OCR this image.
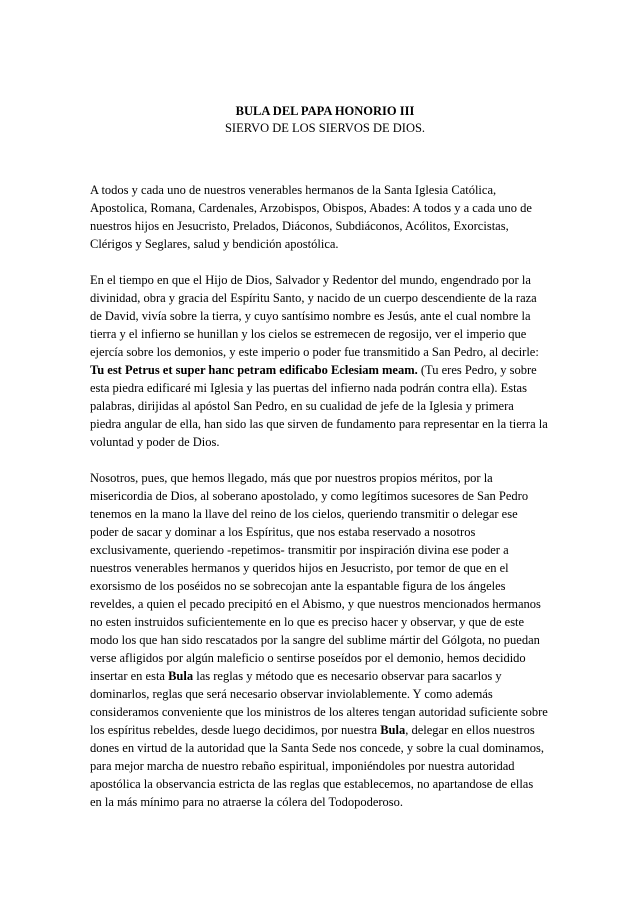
BULA DEL PAPA HONORIO III
SIERVO DE LOS SIERVOS DE DIOS.

A todos y cada uno de nuestros venerables hermanos de la Santa Iglesia Católica, Apostolica, Romana, Cardenales, Arzobispos, Obispos, Abades: A todos y a cada uno de nuestros hijos en Jesucristo, Prelados, Diáconos, Subdiáconos, Acólitos, Exorcistas, Clérigos y Seglares, salud y bendición apostólica.

En el tiempo en que el Hijo de Dios, Salvador y Redentor del mundo, engendrado por la divinidad, obra y gracia del Espíritu Santo, y nacido de un cuerpo descendiente de la raza de David, vivía sobre la tierra, y cuyo santísimo nombre es Jesús, ante el cual nombre la tierra y el infierno se hunillan y los cielos se estremecen de regosijo, ver el imperio que ejercía sobre los demonios, y este imperio o poder fue transmitido a San Pedro, al decirle: Tu est Petrus et super hanc petram edificabo Eclesiam meam. (Tu eres Pedro, y sobre esta piedra edificaré mi Iglesia y las puertas del infierno nada podrán contra ella). Estas palabras, dirijidas al apóstol San Pedro, en su cualidad de jefe de la Iglesia y primera piedra angular de ella, han sido las que sirven de fundamento para representar en la tierra la voluntad y poder de Dios.

Nosotros, pues, que hemos llegado, más que por nuestros propios méritos, por la misericordia de Dios, al soberano apostolado, y como legítimos sucesores de San Pedro tenemos en la mano la llave del reino de los cielos, queriendo transmitir o delegar ese poder de sacar y dominar a los Espíritus, que nos estaba reservado a nosotros exclusivamente, queriendo -repetimos- transmitir por inspiración divina ese poder a nuestros venerables hermanos y queridos hijos en Jesucristo, por temor de que en el exorsismo de los poséidos no se sobrecojan ante la espantable figura de los ángeles reveldes, a quien el pecado precipitó en el Abismo, y que nuestros mencionados hermanos no esten instruidos suficientemente en lo que es preciso hacer y observar, y que de este modo los que han sido rescatados por la sangre del sublime mártir del Gólgota, no puedan verse afligidos por algún maleficio o sentirse poseídos por el demonio, hemos decidido insertar en esta Bula las reglas y método que es necesario observar para sacarlos y dominarlos, reglas que será necesario observar inviolablemente. Y como además consideramos conveniente que los ministros de los alteres tengan autoridad suficiente sobre los espíritus rebeldes, desde luego decidimos, por nuestra Bula, delegar en ellos nuestros dones en virtud de la autoridad que la Santa Sede nos concede, y sobre la cual dominamos, para mejor marcha de nuestro rebaño espiritual, imponiéndoles por nuestra autoridad apostólica la observancia estricta de las reglas que establecemos, no apartandose de ellas en la más mínimo para no atraerse la cólera del Todopoderoso.
